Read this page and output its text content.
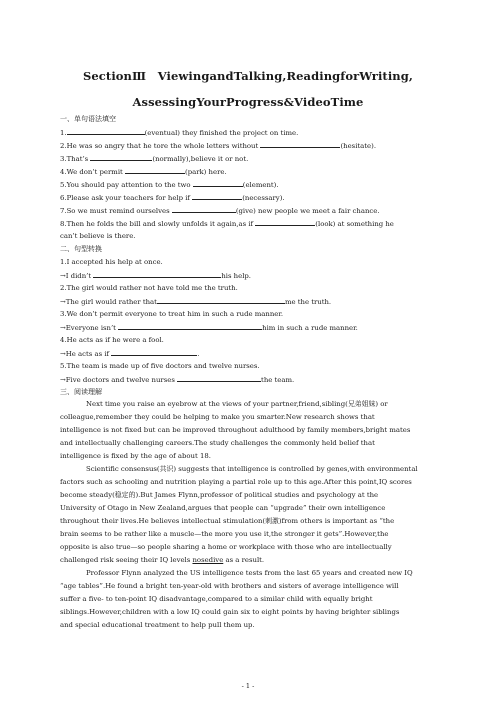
SectionⅢ　ViewingandTalking,ReadingforWriting,
AssessingYourProgress&VideoTime
一、单句语法填空
1.	(eventual) they finished the project on time.
2.He was so angry that he tore the whole letters without	(hesitate).
3.That’s	(normally),believe it or not.
4.We don’t permit	(park) here.
5.You should pay attention to the two	(element).
6.Please ask your teachers for help if	(necessary).
7.So we must remind ourselves	(give) new people we meet a fair chance.
8.Then he folds the bill and slowly unfolds it again,as if	(look) at something he
can’t believe is there.
二、句型转换
1.I accepted his help at once.
→I didn’t	his help.
2.The girl would rather not have told me the truth.
→The girl would rather that	me the truth.
3.We don’t permit everyone to treat him in such a rude manner.
→Everyone isn’t	him in such a rude manner.
4.He acts as if he were a fool.
→He acts as if	.
5.The team is made up of five doctors and twelve nurses.
→Five doctors and twelve nurses	the team.
三、阅读理解
Next time you raise an eyebrow at the views of your partner,friend,sibling(兄弟姐妹) or
colleague,remember they could be helping to make you smarter.New research shows that
intelligence is not fixed but can be improved throughout adulthood by family members,bright mates
and intellectually challenging careers.The study challenges the commonly held belief that
intelligence is fixed by the age of about 18.
Scientific consensus(共识) suggests that intelligence is controlled by genes,with environmental
factors such as schooling and nutrition playing a partial role up to this age.After this point,IQ scores
become steady(稳定的).But James Flynn,professor of political studies and psychology at the
University of Otago in New Zealand,argues that people can “upgrade” their own intelligence
throughout their lives.He believes intellectual stimulation(刺激)from others is important as “the
brain seems to be rather like a muscle—the more you use it,the stronger it gets”.However,the
opposite is also true—so people sharing a home or workplace with those who are intellectually
challenged risk seeing their IQ levels nosedive as a result.
Professor Flynn analyzed the US intelligence tests from the last 65 years and created new IQ
“age tables”.He found a bright ten-year-old with brothers and sisters of average intelligence will
suffer a five- to ten-point IQ disadvantage,compared to a similar child with equally bright
siblings.However,children with a low IQ could gain six to eight points by having brighter siblings
and special educational treatment to help pull them up.
- 1 -
